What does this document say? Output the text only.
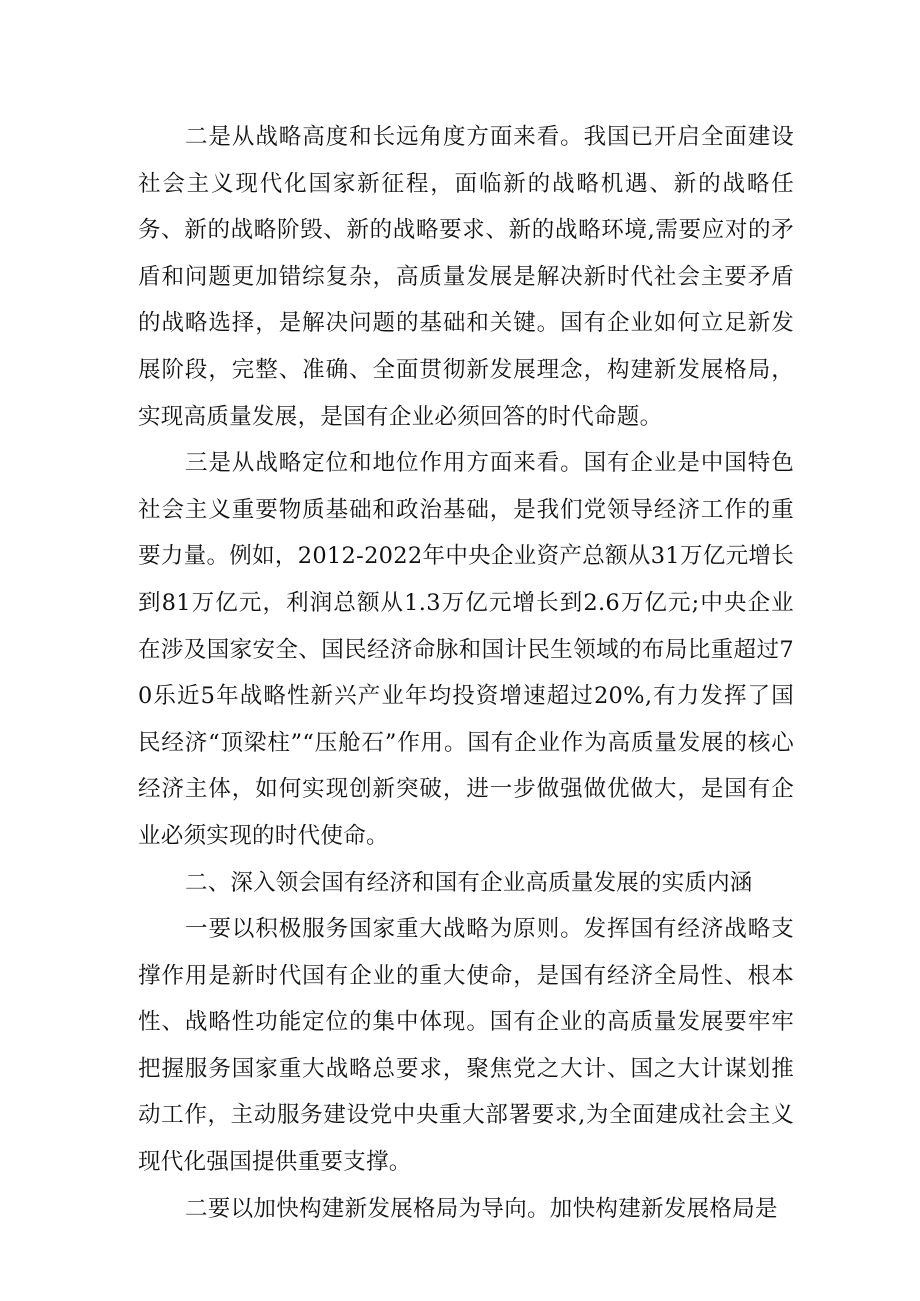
二是从战略高度和长远角度方面来看。我国已开启全面建设社会主义现代化国家新征程，面临新的战略机遇、新的战略任务、新的战略阶毁、新的战略要求、新的战略环境,需要应对的矛盾和问题更加错综复杂，高质量发展是解决新时代社会主要矛盾的战略选择，是解决问题的基础和关键。国有企业如何立足新发展阶段，完整、准确、全面贯彻新发展理念，构建新发展格局，实现高质量发展，是国有企业必须回答的时代命题。

三是从战略定位和地位作用方面来看。国有企业是中国特色社会主义重要物质基础和政治基础，是我们党领导经济工作的重要力量。例如，2012-2022年中央企业资产总额从31万亿元增长到81万亿元，利润总额从1.3万亿元增长到2.6万亿元;中央企业在涉及国家安全、国民经济命脉和国计民生领域的布局比重超过70乐近5年战略性新兴产业年均投资增速超过20%,有力发挥了国民经济“顶梁柱”“压舱石”作用。国有企业作为高质量发展的核心经济主体，如何实现创新突破，进一步做强做优做大，是国有企业必须实现的时代使命。

二、深入领会国有经济和国有企业高质量发展的实质内涵

一要以积极服务国家重大战略为原则。发挥国有经济战略支撑作用是新时代国有企业的重大使命，是国有经济全局性、根本性、战略性功能定位的集中体现。国有企业的高质量发展要牢牢把握服务国家重大战略总要求，聚焦党之大计、国之大计谋划推动工作，主动服务建设党中央重大部署要求,为全面建成社会主义现代化强国提供重要支撑。

二要以加快构建新发展格局为导向。加快构建新发展格局是
